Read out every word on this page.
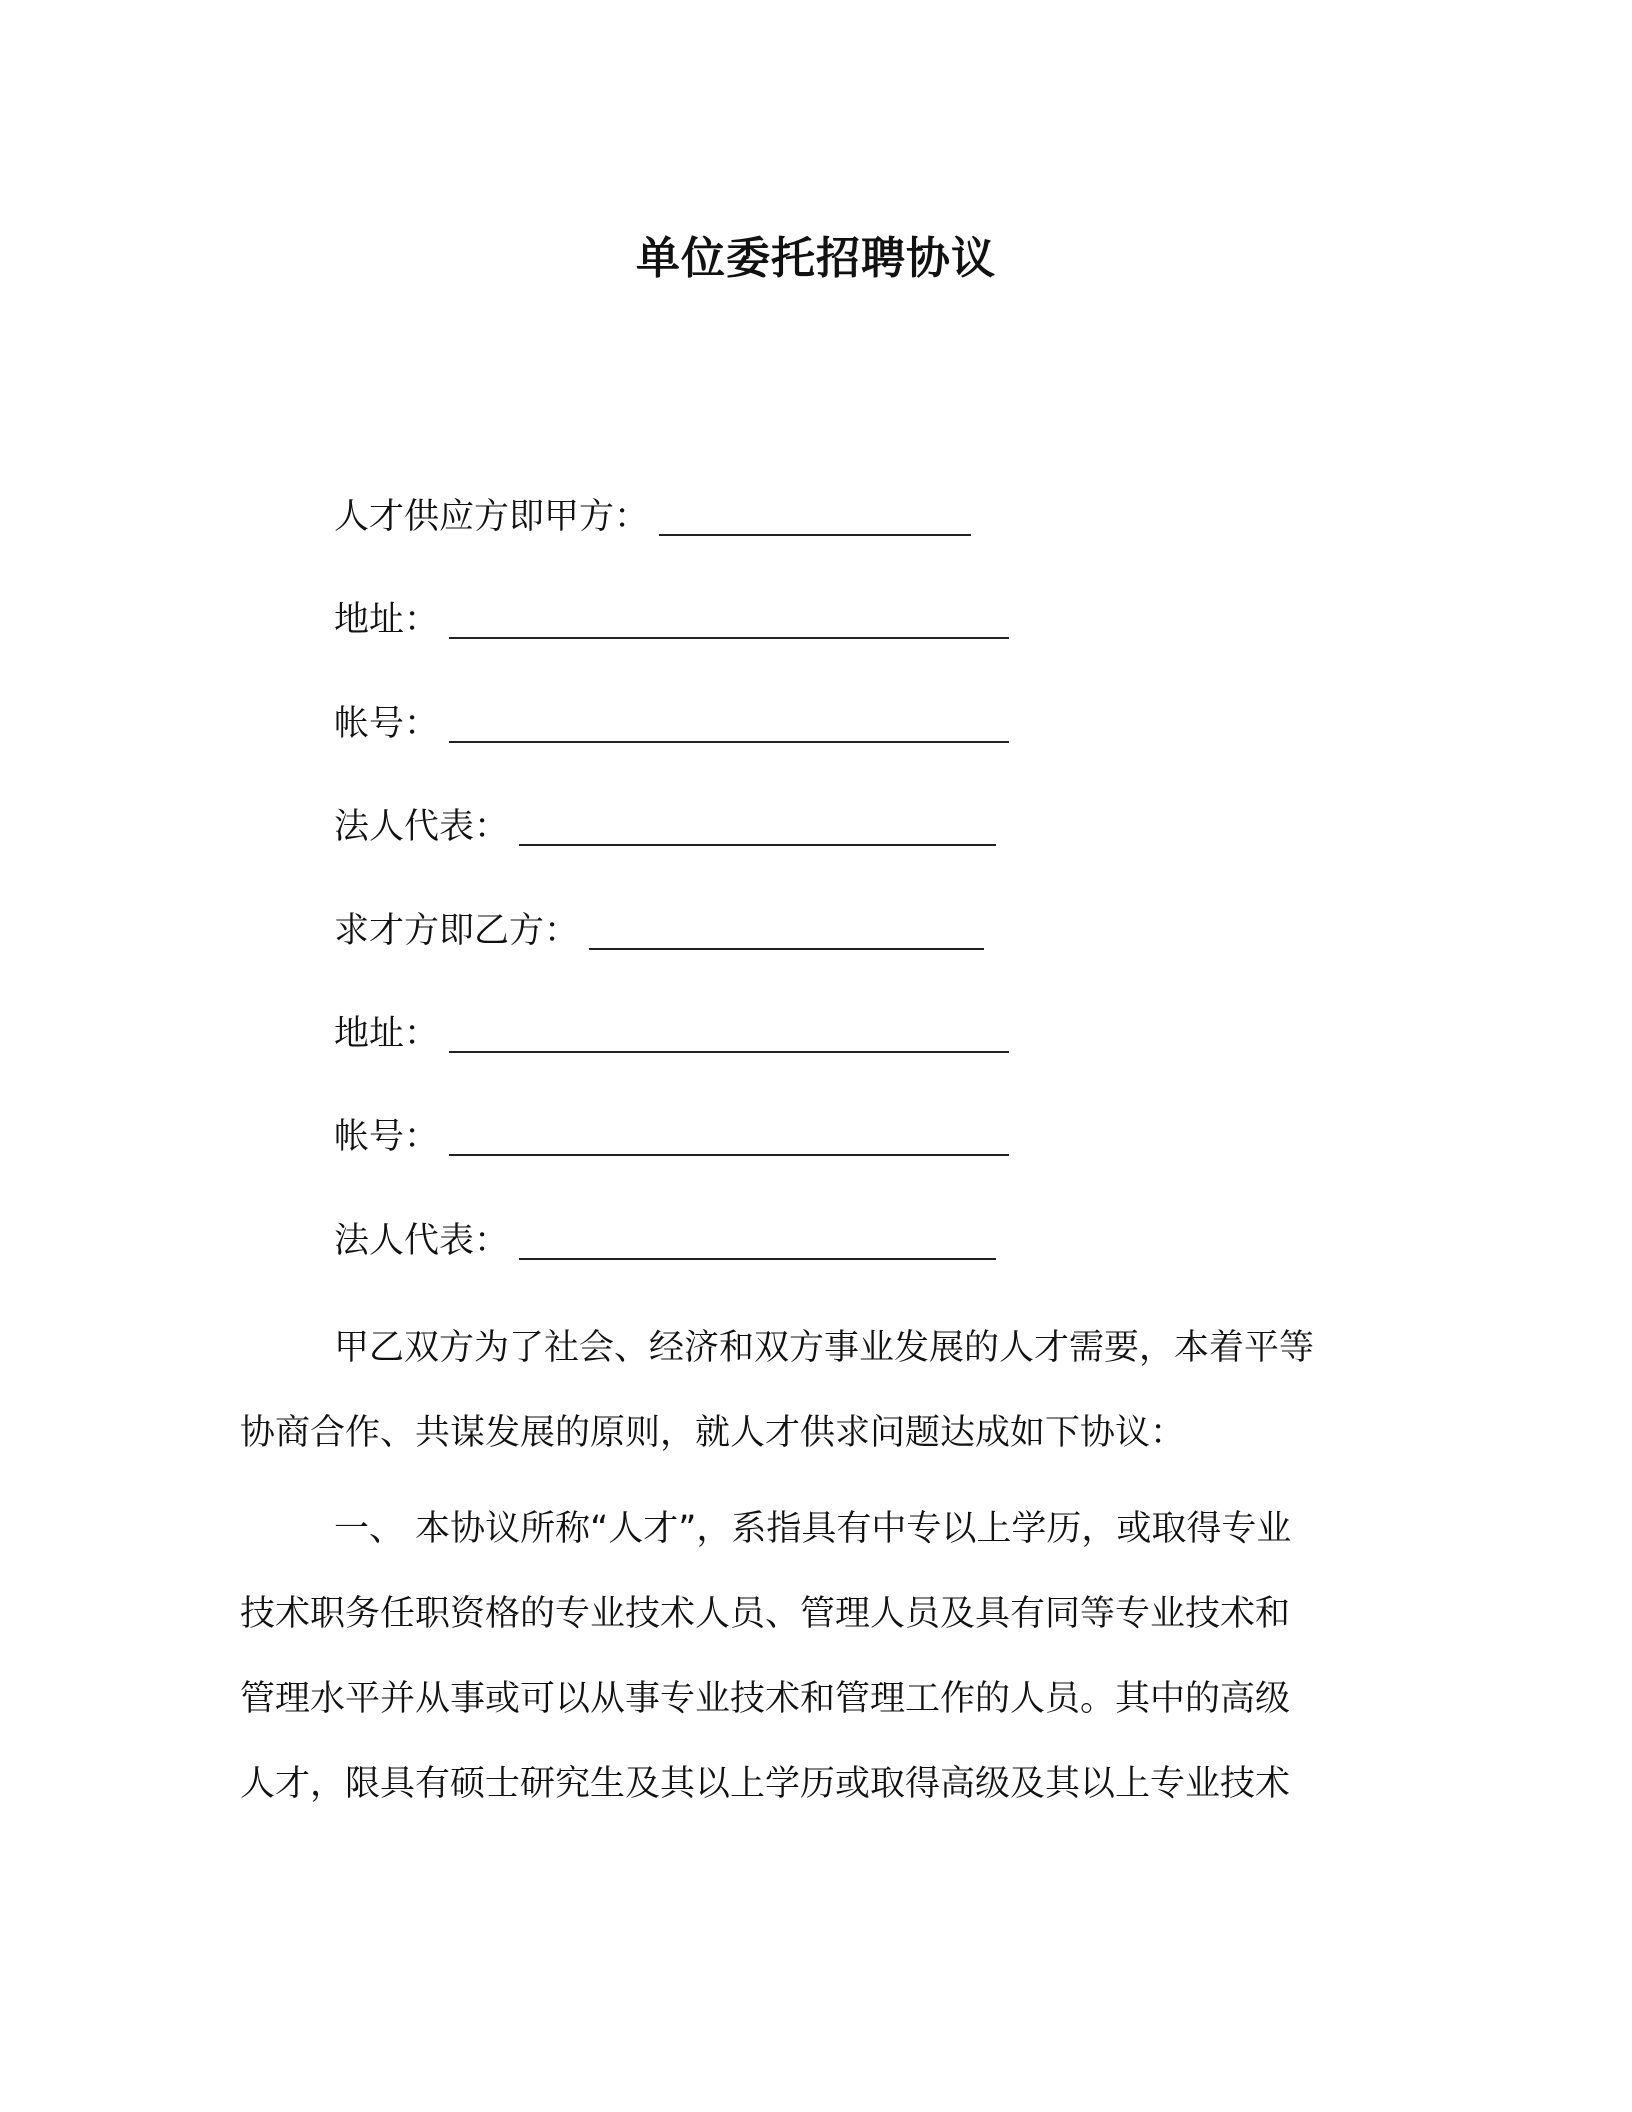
单位委托招聘协议
人才供应方即甲方：
地址：
帐号：
法人代表：
求才方即乙方：
地址：
帐号：
法人代表：
甲乙双方为了社会、经济和双方事业发展的人才需要，本着平等
协商合作、共谋发展的原则，就人才供求问题达成如下协议：
一、 本协议所称“人才”，系指具有中专以上学历，或取得专业
技术职务任职资格的专业技术人员、管理人员及具有同等专业技术和
管理水平并从事或可以从事专业技术和管理工作的人员。其中的高级
人才，限具有硕士研究生及其以上学历或取得高级及其以上专业技术
